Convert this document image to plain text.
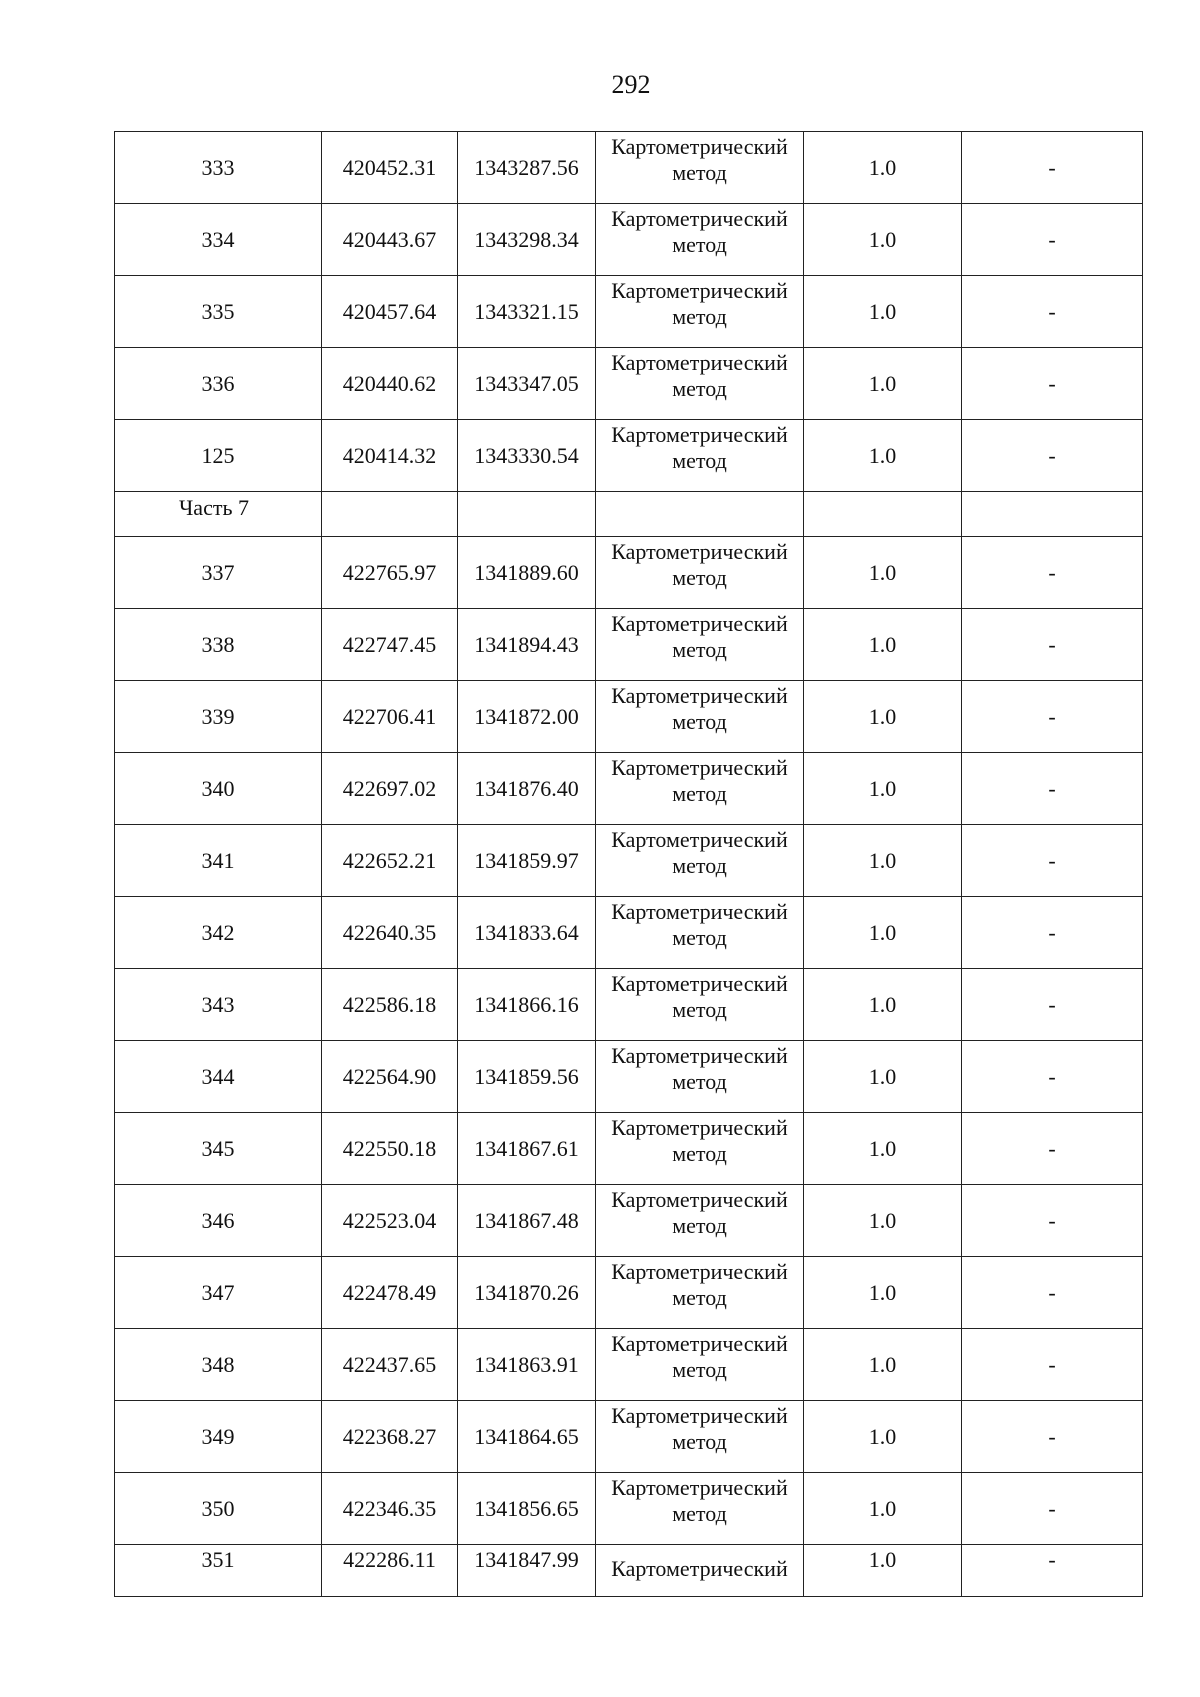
292
333	420452.31	1343287.56	Картометрический метод	1.0	-
334	420443.67	1343298.34	Картометрический метод	1.0	-
335	420457.64	1343321.15	Картометрический метод	1.0	-
336	420440.62	1343347.05	Картометрический метод	1.0	-
125	420414.32	1343330.54	Картометрический метод	1.0	-
Часть 7					
337	422765.97	1341889.60	Картометрический метод	1.0	-
338	422747.45	1341894.43	Картометрический метод	1.0	-
339	422706.41	1341872.00	Картометрический метод	1.0	-
340	422697.02	1341876.40	Картометрический метод	1.0	-
341	422652.21	1341859.97	Картометрический метод	1.0	-
342	422640.35	1341833.64	Картометрический метод	1.0	-
343	422586.18	1341866.16	Картометрический метод	1.0	-
344	422564.90	1341859.56	Картометрический метод	1.0	-
345	422550.18	1341867.61	Картометрический метод	1.0	-
346	422523.04	1341867.48	Картометрический метод	1.0	-
347	422478.49	1341870.26	Картометрический метод	1.0	-
348	422437.65	1341863.91	Картометрический метод	1.0	-
349	422368.27	1341864.65	Картометрический метод	1.0	-
350	422346.35	1341856.65	Картометрический метод	1.0	-
351	422286.11	1341847.99	Картометрический	1.0	-
